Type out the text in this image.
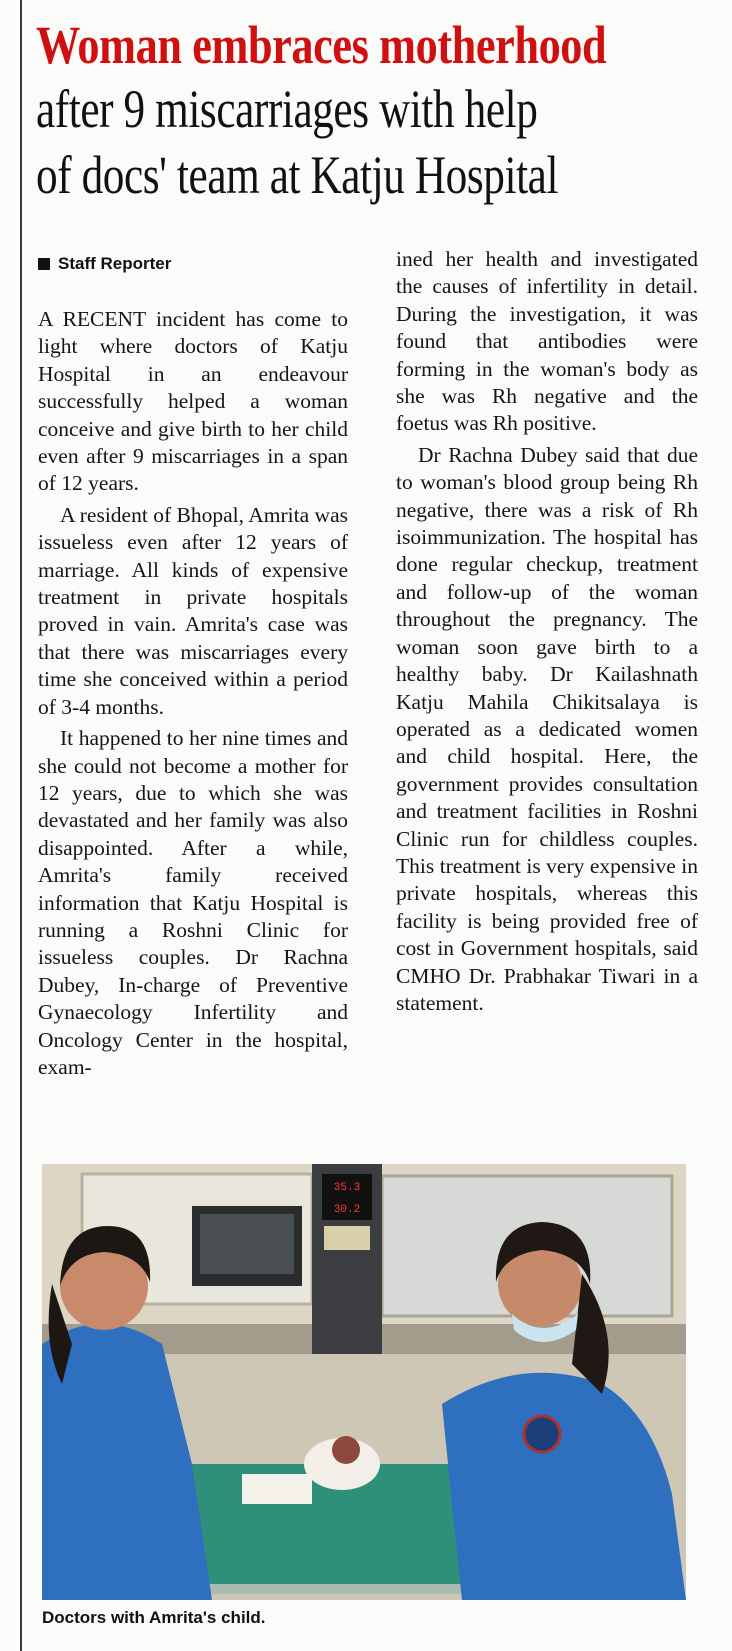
Woman embraces motherhood
after 9 miscarriages with help
of docs' team at Katju Hospital
Staff Reporter

A RECENT incident has come to light where doctors of Katju Hospital in an endeavour successfully helped a woman conceive and give birth to her child even after 9 miscarriages in a span of 12 years.

A resident of Bhopal, Amrita was issueless even after 12 years of marriage. All kinds of expensive treatment in private hospitals proved in vain. Amrita's case was that there was miscarriages every time she conceived within a period of 3-4 months.

It happened to her nine times and she could not become a mother for 12 years, due to which she was devastated and her family was also disappointed. After a while, Amrita's family received information that Katju Hospital is running a Roshni Clinic for issueless couples. Dr Rachna Dubey, In-charge of Preventive Gynaecology Infertility and Oncology Center in the hospital, exam-

ined her health and investigated the causes of infertility in detail. During the investigation, it was found that antibodies were forming in the woman's body as she was Rh negative and the foetus was Rh positive.

Dr Rachna Dubey said that due to woman's blood group being Rh negative, there was a risk of Rh isoimmunization. The hospital has done regular checkup, treatment and follow-up of the woman throughout the pregnancy. The woman soon gave birth to a healthy baby. Dr Kailashnath Katju Mahila Chikitsalaya is operated as a dedicated women and child hospital. Here, the government provides consultation and treatment facilities in Roshni Clinic run for childless couples. This treatment is very expensive in private hospitals, whereas this facility is being provided free of cost in Government hospitals, said CMHO Dr. Prabhakar Tiwari in a statement.

35.3
30.2
Doctors with Amrita's child.
